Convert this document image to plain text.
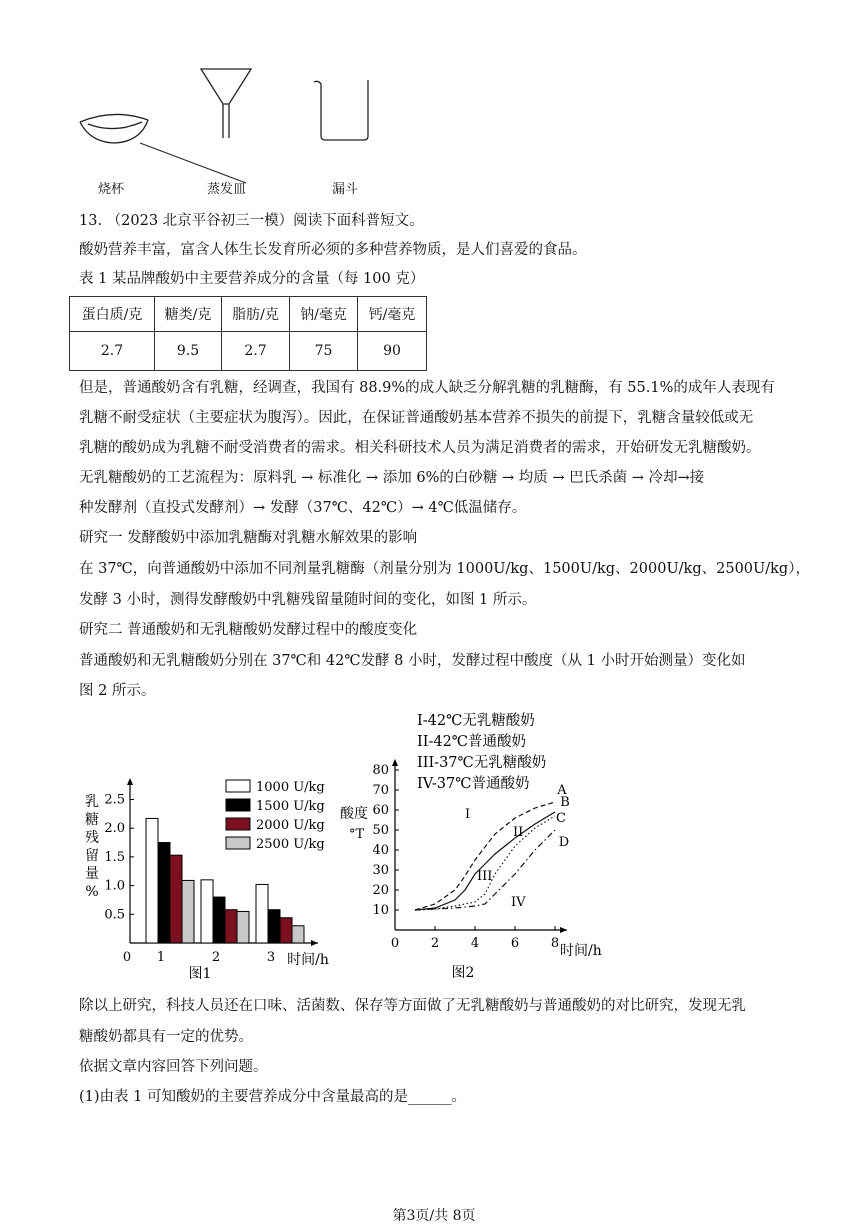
烧杯	蒸发皿	漏斗
13. （2023 北京平谷初三一模）阅读下面科普短文。
酸奶营养丰富，富含人体生长发育所必须的多种营养物质，是人们喜爱的食品。
表 1 某品牌酸奶中主要营养成分的含量（每 100 克）
蛋白质/克	糖类/克	脂肪/克	钠/毫克	钙/毫克
2.7	9.5	2.7	75	90
但是，普通酸奶含有乳糖，经调查，我国有 88.9%的成人缺乏分解乳糖的乳糖酶，有 55.1%的成年人表现有
乳糖不耐受症状（主要症状为腹泻）。因此，在保证普通酸奶基本营养不损失的前提下，乳糖含量较低或无
乳糖的酸奶成为乳糖不耐受消费者的需求。相关科研技术人员为满足消费者的需求，开始研发无乳糖酸奶。
无乳糖酸奶的工艺流程为：原料乳 → 标准化 → 添加 6%的白砂糖 → 均质 → 巴氏杀菌 → 冷却→接
种发酵剂（直投式发酵剂）→ 发酵（37℃、42℃）→ 4℃低温储存。
研究一 发酵酸奶中添加乳糖酶对乳糖水解效果的影响
在 37℃，向普通酸奶中添加不同剂量乳糖酶（剂量分别为 1000U/kg、1500U/kg、2000U/kg、2500U/kg），
发酵 3 小时，测得发酵酸奶中乳糖残留量随时间的变化，如图 1 所示。
研究二 普通酸奶和无乳糖酸奶发酵过程中的酸度变化
普通酸奶和无乳糖酸奶分别在 37℃和 42℃发酵 8 小时，发酵过程中酸度（从 1 小时开始测量）变化如
图 2 所示。
0.5
1.0
1.5
2.0
2.5
0 1	2	3
乳
糖
残
留
量
%
时间/h
图1
1000 U/kg
1500 U/kg
2000 U/kg
2500 U/kg
I-42℃无乳糖酸奶
II-42℃普通酸奶
III-37℃无乳糖酸奶
IV-37℃普通酸奶
10
20
30
40
50
60
70
80
0 2 4 6 8
酸度
°T
时间/h
图2
I
A
II
B
III
C
IV
D
除以上研究，科技人员还在口味、活菌数、保存等方面做了无乳糖酸奶与普通酸奶的对比研究，发现无乳
糖酸奶都具有一定的优势。
依据文章内容回答下列问题。
(1)由表 1 可知酸奶的主要营养成分中含量最高的是______。
第3页/共 8页
